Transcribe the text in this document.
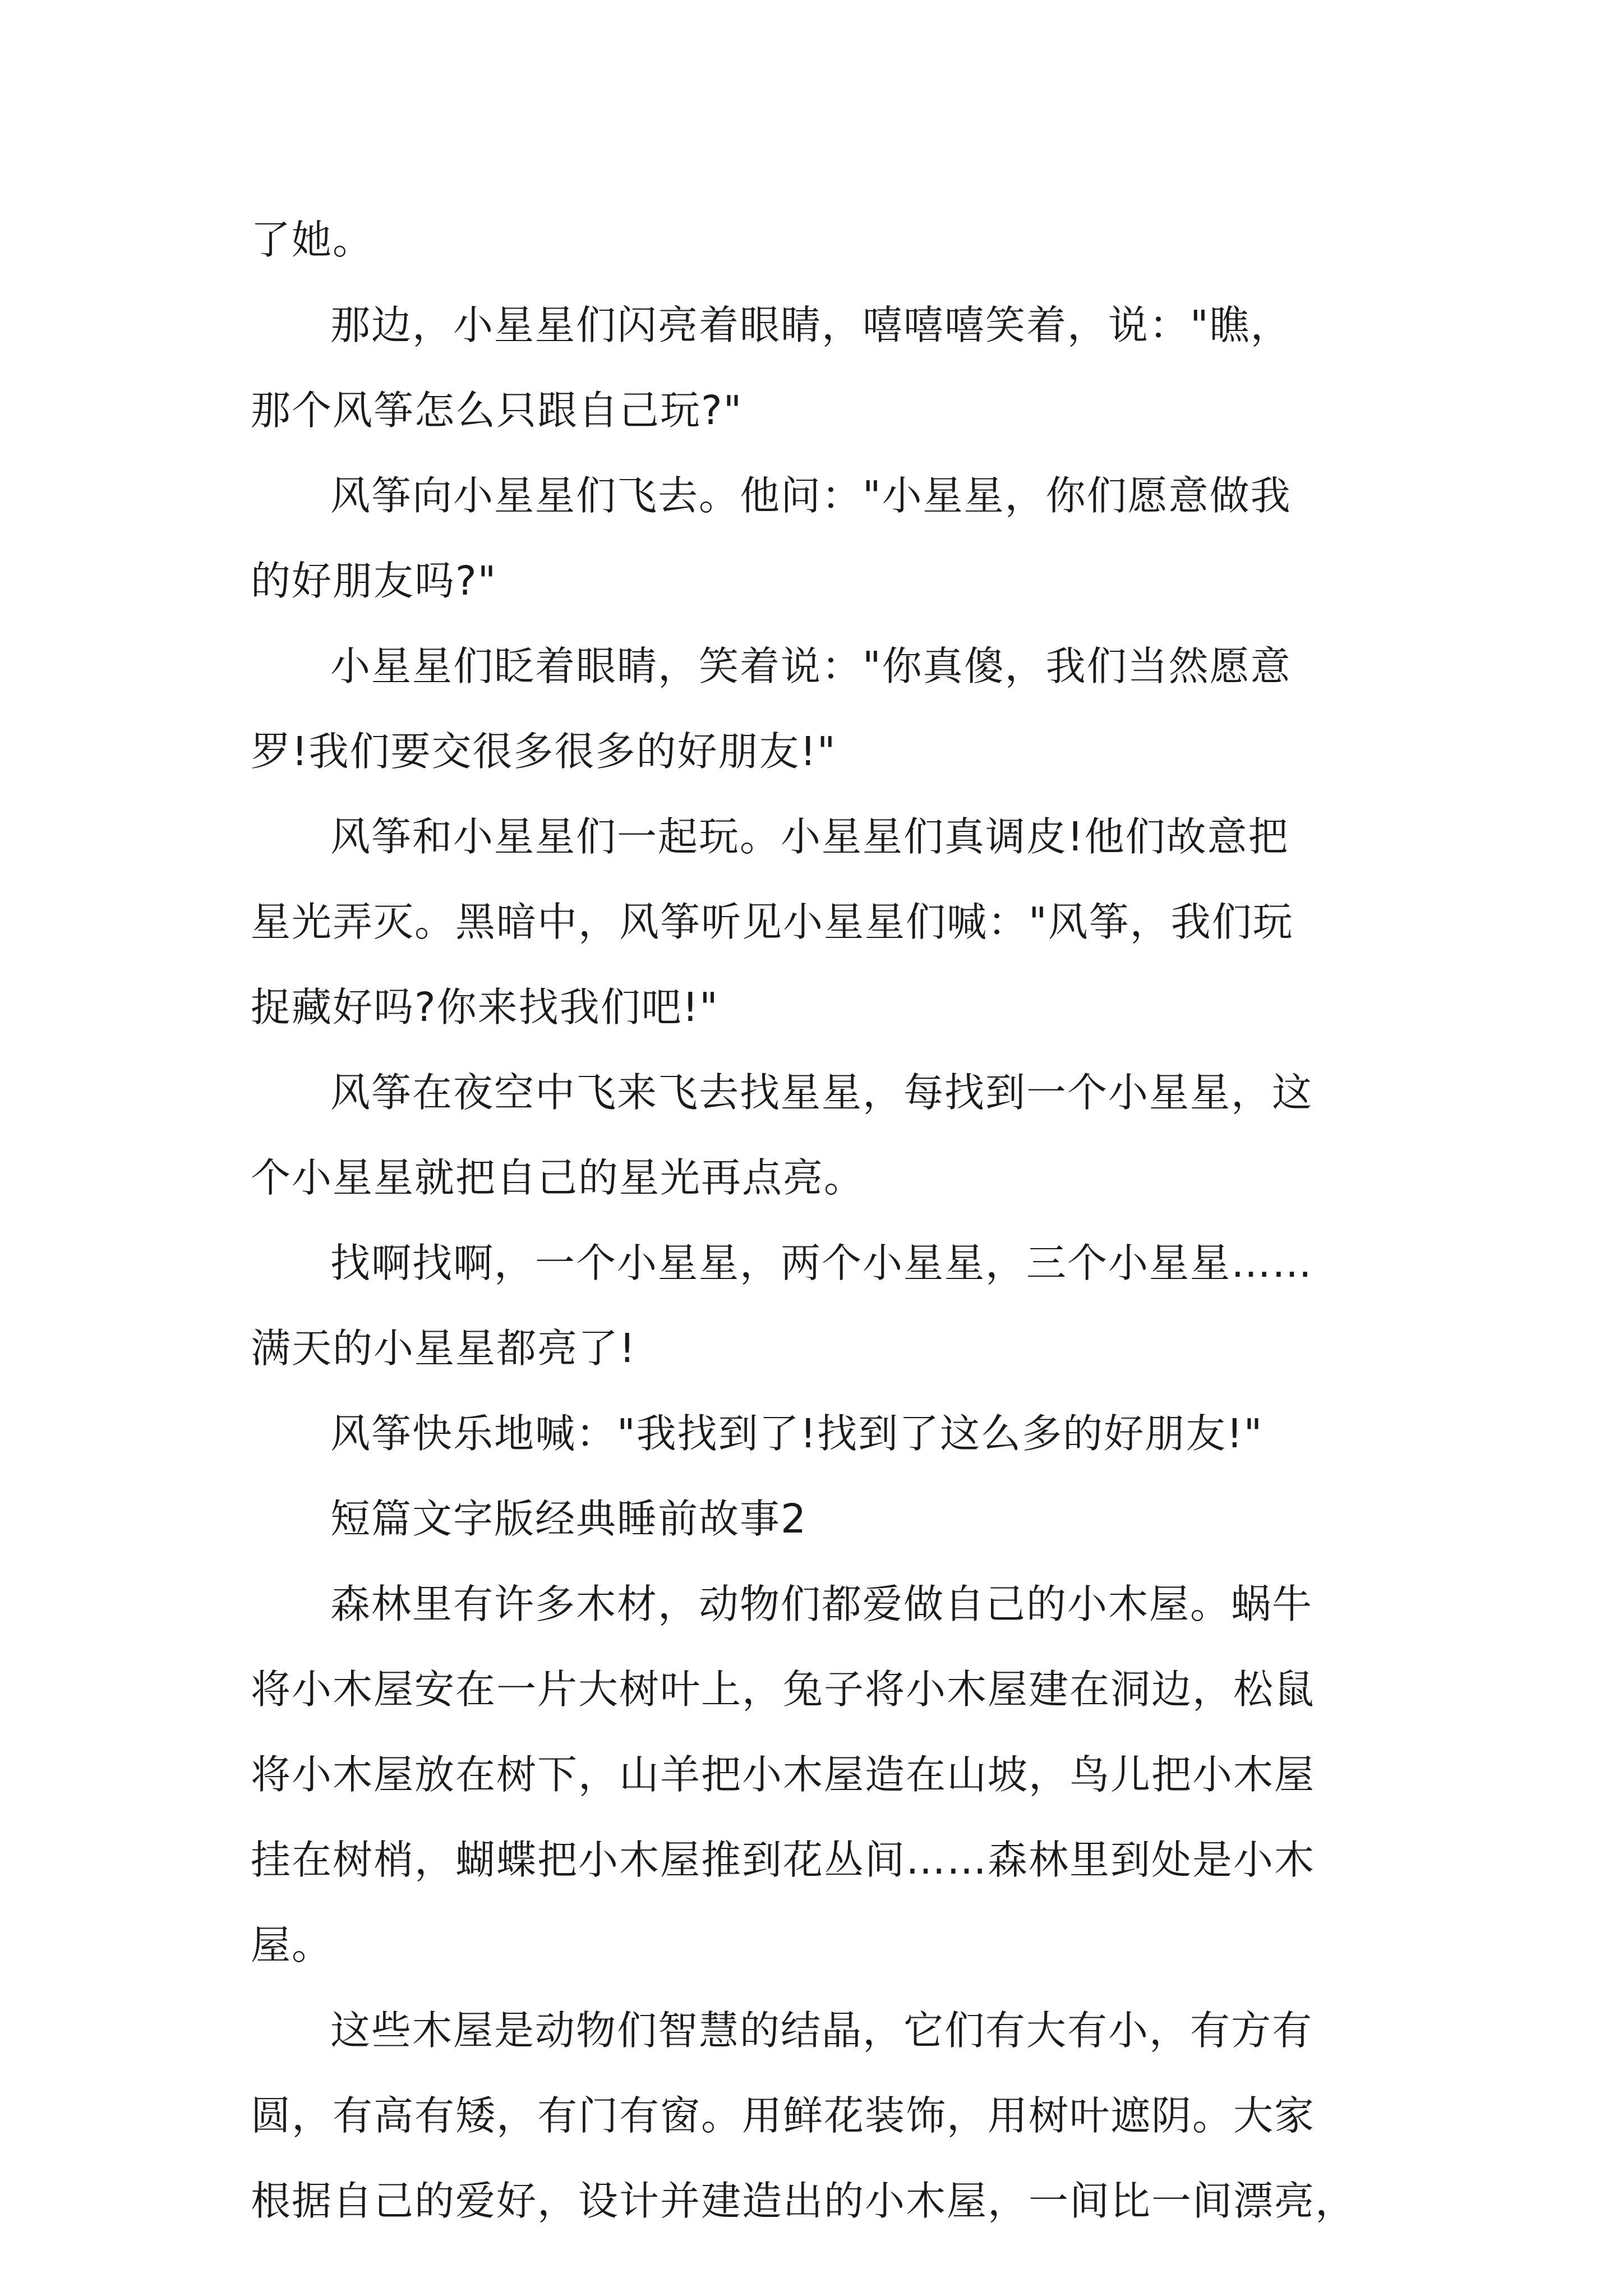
了她。

那边，小星星们闪亮着眼睛，嘻嘻嘻笑着，说："瞧，
那个风筝怎么只跟自己玩?"

风筝向小星星们飞去。他问："小星星，你们愿意做我
的好朋友吗?"

小星星们眨着眼睛，笑着说："你真傻，我们当然愿意
罗!我们要交很多很多的好朋友!"

风筝和小星星们一起玩。小星星们真调皮!他们故意把
星光弄灭。黑暗中，风筝听见小星星们喊："风筝，我们玩
捉藏好吗?你来找我们吧!"

风筝在夜空中飞来飞去找星星，每找到一个小星星，这
个小星星就把自己的星光再点亮。

找啊找啊，一个小星星，两个小星星，三个小星星……
满天的小星星都亮了!

风筝快乐地喊："我找到了!找到了这么多的好朋友!"

短篇文字版经典睡前故事2

森林里有许多木材，动物们都爱做自己的小木屋。蜗牛
将小木屋安在一片大树叶上，兔子将小木屋建在洞边，松鼠
将小木屋放在树下，山羊把小木屋造在山坡，鸟儿把小木屋
挂在树梢，蝴蝶把小木屋推到花丛间……森林里到处是小木
屋。

这些木屋是动物们智慧的结晶，它们有大有小，有方有
圆，有高有矮，有门有窗。用鲜花装饰，用树叶遮阴。大家
根据自己的爱好，设计并建造出的小木屋，一间比一间漂亮，
